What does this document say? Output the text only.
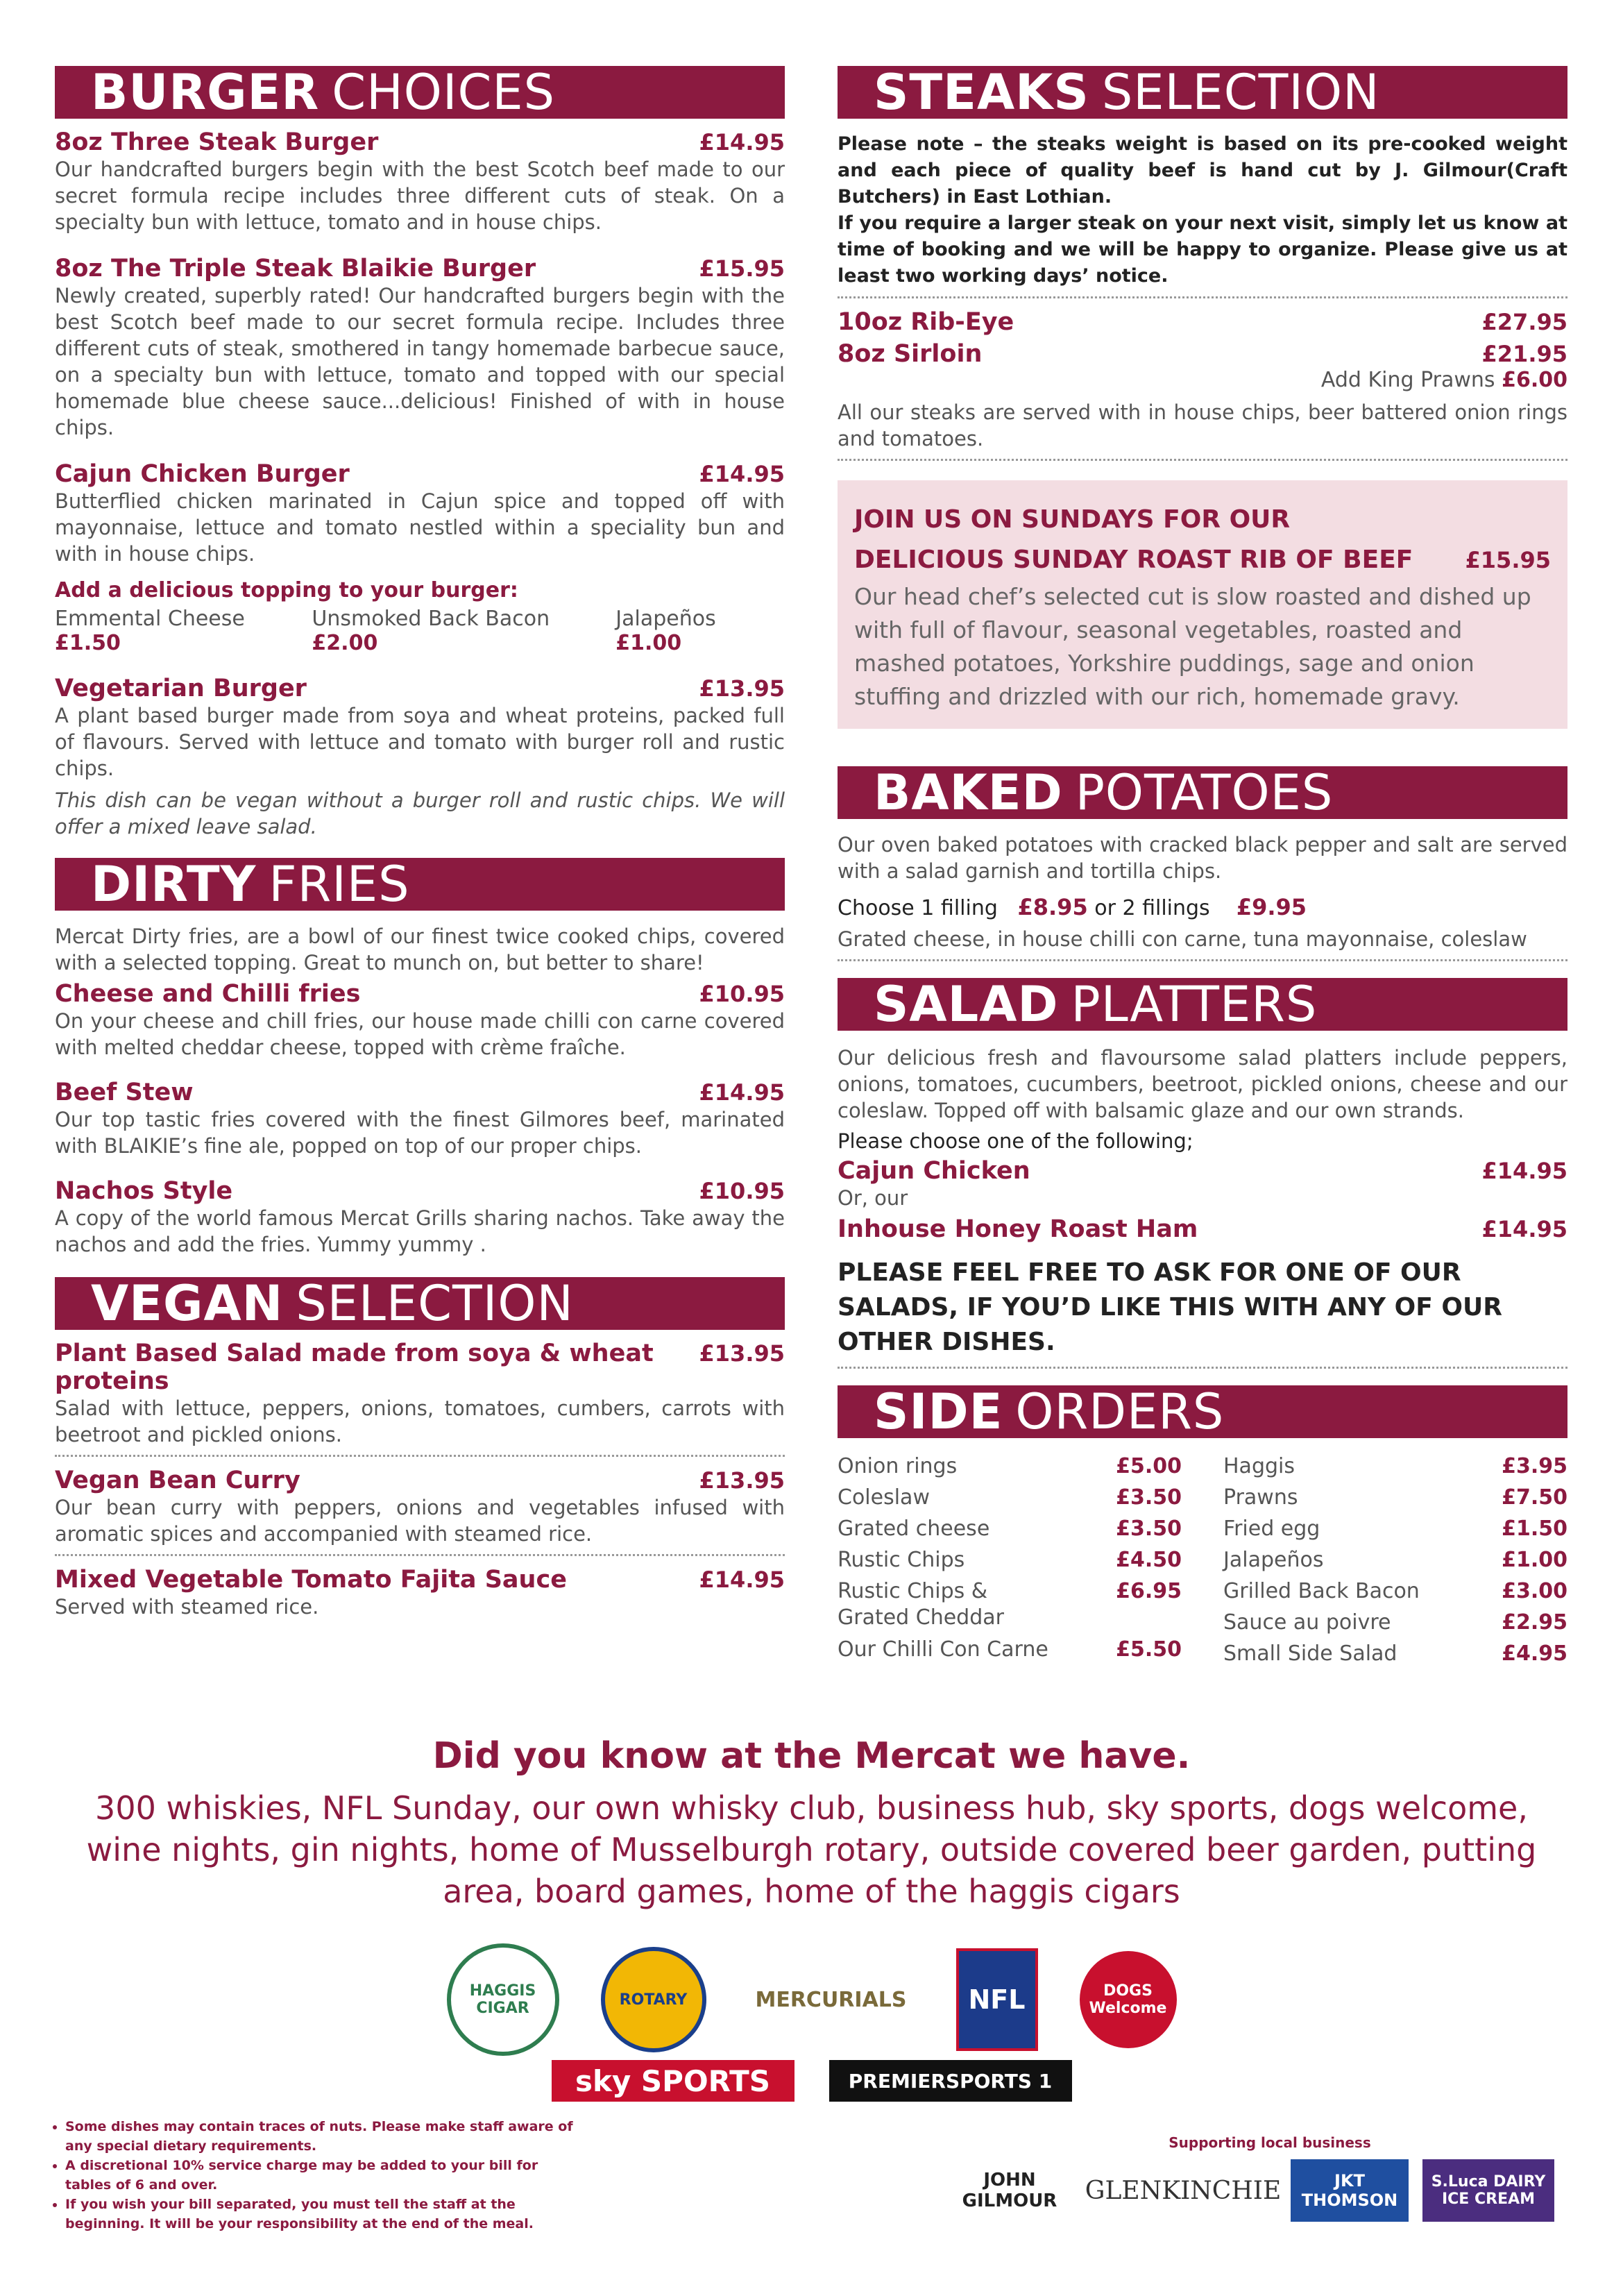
BURGER CHOICES
8oz Three Steak Burger	£14.95
Our handcrafted burgers begin with the best Scotch beef made to our secret formula recipe includes three different cuts of steak. On a specialty bun with lettuce, tomato and in house chips.
8oz The Triple Steak Blaikie Burger	£15.95
Newly created, superbly rated! Our handcrafted burgers begin with the best Scotch beef made to our secret formula recipe. Includes three different cuts of steak, smothered in tangy homemade barbecue sauce, on a specialty bun with lettuce, tomato and topped with our special homemade blue cheese sauce...delicious! Finished of with in house chips.
Cajun Chicken Burger	£14.95
Butterflied chicken marinated in Cajun spice and topped off with mayonnaise, lettuce and tomato nestled within a speciality bun and with in house chips.
Add a delicious topping to your burger:
Emmental Cheese £1.50
Unsmoked Back Bacon £2.00
Jalapeños £1.00
Vegetarian Burger	£13.95
A plant based burger made from soya and wheat proteins, packed full of flavours. Served with lettuce and tomato with burger roll and rustic chips.
This dish can be vegan without a burger roll and rustic chips. We will offer a mixed leave salad.
DIRTY FRIES
Mercat Dirty fries, are a bowl of our finest twice cooked chips, covered with a selected topping. Great to munch on, but better to share!
Cheese and Chilli fries	£10.95
On your cheese and chill fries, our house made chilli con carne covered with melted cheddar cheese, topped with crème fraîche.
Beef Stew	£14.95
Our top tastic fries covered with the finest Gilmores beef, marinated with BLAIKIE’s fine ale, popped on top of our proper chips.
Nachos Style	£10.95
A copy of the world famous Mercat Grills sharing nachos. Take away the nachos and add the fries. Yummy yummy .
VEGAN SELECTION
Plant Based Salad made from soya & wheat proteins
£13.95
Salad with lettuce, peppers, onions, tomatoes, cumbers, carrots with beetroot and pickled onions.
Vegan Bean Curry	£13.95
Our bean curry with peppers, onions and vegetables infused with aromatic spices and accompanied with steamed rice.
Mixed Vegetable Tomato Fajita Sauce	£14.95
Served with steamed rice.
STEAKS SELECTION
Please note – the steaks weight is based on its pre-cooked weight and each piece of quality beef is hand cut by J. Gilmour(Craft Butchers) in East Lothian.
If you require a larger steak on your next visit, simply let us know at time of booking and we will be happy to organize. Please give us at least two working days’ notice.
10oz Rib-Eye	£27.95
8oz Sirloin	£21.95
Add King Prawns £6.00
All our steaks are served with in house chips, beer battered onion rings and tomatoes.
JOIN US ON SUNDAYS FOR OUR
DELICIOUS SUNDAY ROAST RIB OF BEEF £15.95
Our head chef’s selected cut is slow roasted and dished up with full of flavour, seasonal vegetables, roasted and mashed potatoes, Yorkshire puddings, sage and onion stuffing and drizzled with our rich, homemade gravy.
BAKED POTATOES
Our oven baked potatoes with cracked black pepper and salt are served with a salad garnish and tortilla chips.
Choose 1 filling £8.95 or 2 fillings £9.95
Grated cheese, in house chilli con carne, tuna mayonnaise, coleslaw
SALAD PLATTERS
Our delicious fresh and flavoursome salad platters include peppers, onions, tomatoes, cucumbers, beetroot, pickled onions, cheese and our coleslaw. Topped off with balsamic glaze and our own strands.
Please choose one of the following;
Cajun Chicken	£14.95
Or, our
Inhouse Honey Roast Ham	£14.95
PLEASE FEEL FREE TO ASK FOR ONE OF OUR SALADS, IF YOU’D LIKE THIS WITH ANY OF OUR OTHER DISHES.
SIDE ORDERS
Onion rings	£5.00
Coleslaw	£3.50
Grated cheese	£3.50
Rustic Chips	£4.50
Rustic Chips & Grated Cheddar
£6.95
Our Chilli Con Carne	£5.50
Haggis	£3.95
Prawns	£7.50
Fried egg	£1.50
Jalapeños	£1.00
Grilled Back Bacon	£3.00
Sauce au poivre	£2.95
Small Side Salad	£4.95
Did you know at the Mercat we have.
300 whiskies, NFL Sunday, our own whisky club, business hub, sky sports, dogs welcome, wine nights, gin nights, home of Musselburgh rotary, outside covered beer garden, putting area, board games, home of the haggis cigars
HAGGIS CIGAR	ROTARY	MERCURIALS NFL	DOGS Welcome
sky SPORTS	PREMIERSPORTS 1
• Some dishes may contain traces of nuts. Please make staff aware of any special dietary requirements.
• A discretional 10% service charge may be added to your bill for tables of 6 and over.
• If you wish your bill separated, you must tell the staff at the beginning. It will be your responsibility at the end of the meal.
Supporting local business
JOHN GILMOUR	GLENKINCHIE	JKT THOMSON
S.Luca DAIRY ICE CREAM
